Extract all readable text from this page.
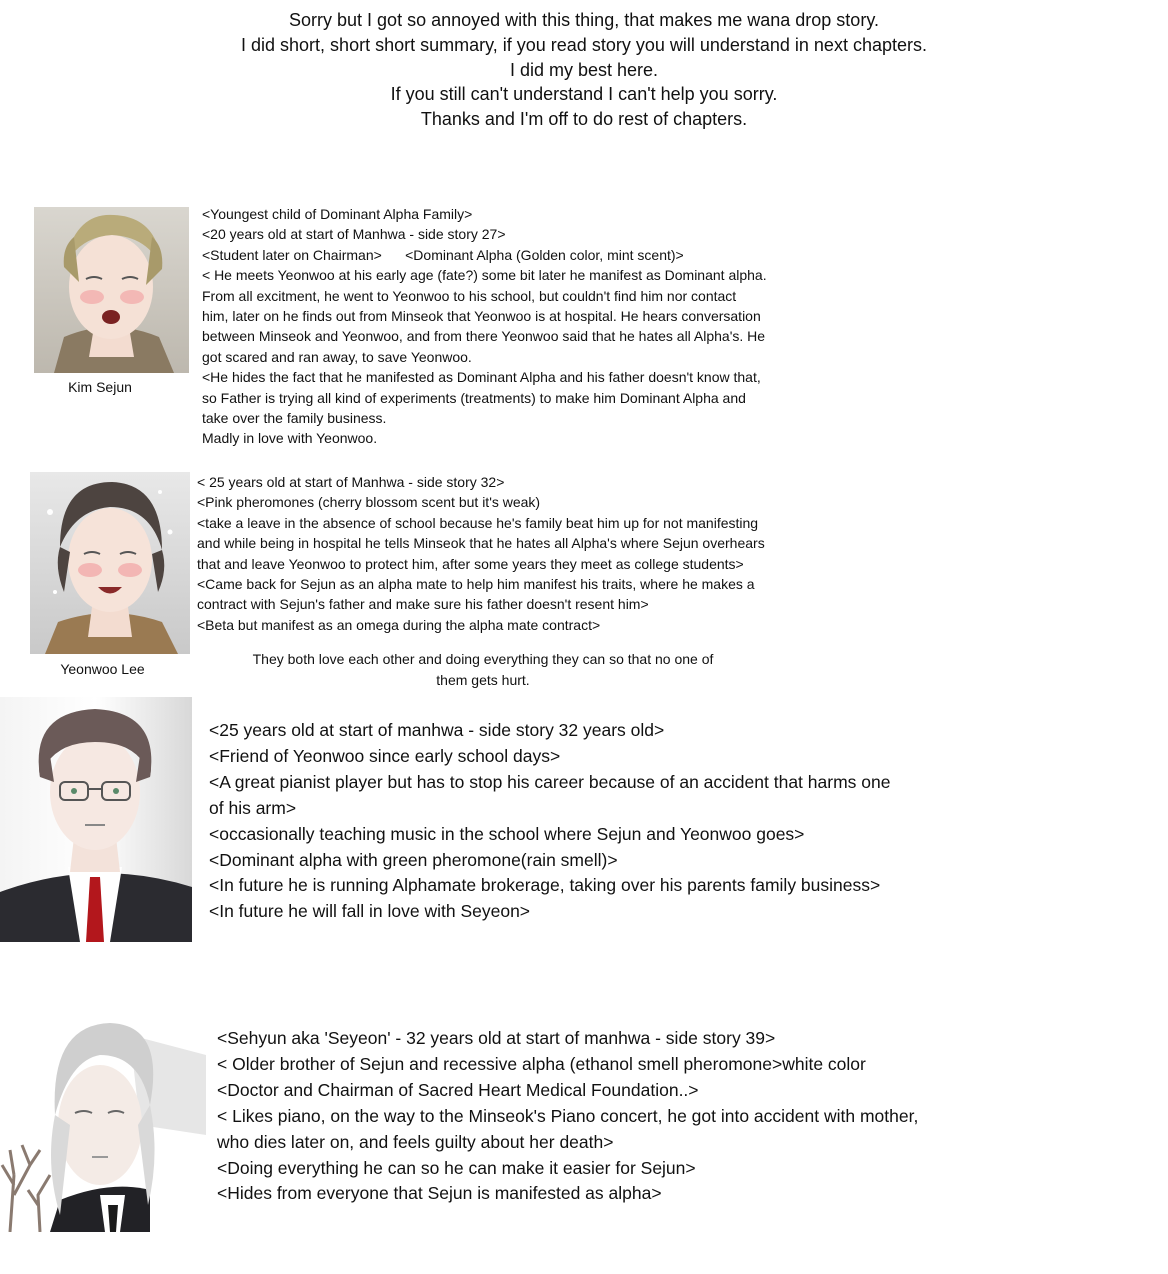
Sorry but I got so annoyed with this thing, that makes me wana drop story.
I did short, short short summary, if you read story you will understand in next chapters.
I did my best here.
If you still can't understand I can't help you sorry.
Thanks and I'm off to do rest of chapters.
Kim Sejun
<Youngest child of Dominant Alpha Family>
<20 years old at start of Manhwa - side story 27>
<Student later on Chairman>      <Dominant Alpha (Golden color, mint scent)>
< He meets Yeonwoo at his early age (fate?) some bit later he manifest as Dominant alpha.
From all excitment, he went to Yeonwoo to his school, but couldn't find him nor contact
him, later on he finds out from Minseok that Yeonwoo is at hospital. He hears conversation
between Minseok and Yeonwoo, and from there Yeonwoo said that he hates all Alpha's. He
got scared and ran away, to save Yeonwoo.
<He hides the fact that he manifested as Dominant Alpha and his father doesn't know that,
so Father is trying all kind of experiments (treatments) to make him Dominant Alpha and
take over the family business.
Madly in love with Yeonwoo.
Yeonwoo Lee
< 25 years old at start of Manhwa - side story 32>
<Pink pheromones (cherry blossom scent but it's weak)
<take a leave in the absence of school because he's family beat him up for not manifesting
and while being in hospital he tells Minseok that he hates all Alpha's where Sejun overhears
that and leave Yeonwoo to protect him, after some years they meet as college students>
<Came back for Sejun as an alpha mate to help him manifest his traits, where he makes a
contract with Sejun's father and make sure his father doesn't resent him>
<Beta but manifest as an omega during the alpha mate contract>
They both love each other and doing everything they can so that no one of
them gets hurt.
<25 years old at start of manhwa - side story 32 years old>
<Friend of Yeonwoo since early school days>
<A great pianist player but has to stop his career because of an accident that harms one
of his arm>
<occasionally teaching music in the school where Sejun and Yeonwoo goes>
<Dominant alpha with green pheromone(rain smell)>
<In future he is running Alphamate brokerage, taking over his parents family business>
<In future he will fall in love with Seyeon>
<Sehyun aka 'Seyeon' - 32 years old at start of manhwa - side story 39>
< Older brother of Sejun and recessive alpha (ethanol smell pheromone>white color
<Doctor and Chairman of Sacred Heart Medical Foundation..>
< Likes piano, on the way to the Minseok's Piano concert, he got into accident with mother,
who dies later on, and feels guilty about her death>
<Doing everything he can so he can make it easier for Sejun>
<Hides from everyone that Sejun is manifested as alpha>
